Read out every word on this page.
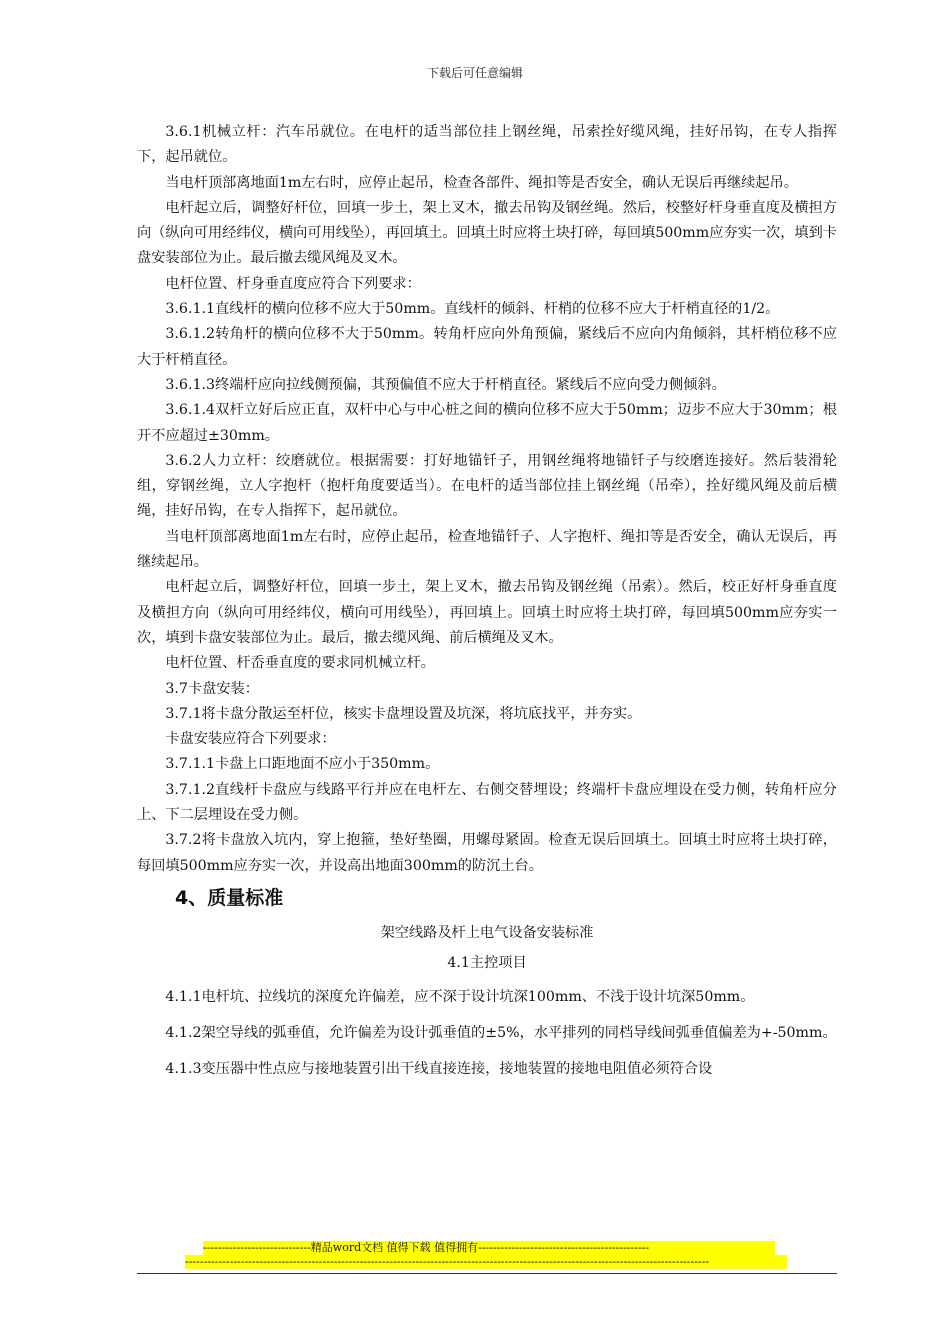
下载后可任意编辑

3.6.1机械立杆：汽车吊就位。在电杆的适当部位挂上钢丝绳，吊索拴好缆风绳，挂好吊钩，在专人指挥下，起吊就位。

当电杆顶部离地面1m左右时，应停止起吊，检查各部件、绳扣等是否安全，确认无误后再继续起吊。

电杆起立后，调整好杆位，回填一步土，架上叉木，撤去吊钩及钢丝绳。然后，校整好杆身垂直度及横担方向（纵向可用经纬仪，横向可用线坠），再回填土。回填土时应将土块打碎，每回填500mm应夯实一次，填到卡盘安装部位为止。最后撤去缆风绳及叉木。

电杆位置、杆身垂直度应符合下列要求：

3.6.1.1直线杆的横向位移不应大于50mm。直线杆的倾斜、杆梢的位移不应大于杆梢直径的1/2。

3.6.1.2转角杆的横向位移不大于50mm。转角杆应向外角预偏，紧线后不应向内角倾斜，其杆梢位移不应大于杆梢直径。

3.6.1.3终端杆应向拉线侧预偏，其预偏值不应大于杆梢直径。紧线后不应向受力侧倾斜。

3.6.1.4双杆立好后应正直，双杆中心与中心桩之间的横向位移不应大于50mm；迈步不应大于30mm；根开不应超过±30mm。

3.6.2人力立杆：绞磨就位。根据需要：打好地锚钎子，用钢丝绳将地锚钎子与绞磨连接好。然后装滑轮组，穿钢丝绳，立人字抱杆（抱杆角度要适当）。在电杆的适当部位挂上钢丝绳（吊牵），拴好缆风绳及前后横绳，挂好吊钩，在专人指挥下，起吊就位。

当电杆顶部离地面1m左右时，应停止起吊，检查地锚钎子、人字抱杆、绳扣等是否安全，确认无误后，再继续起吊。

电杆起立后，调整好杆位，回填一步土，架上叉木，撤去吊钩及钢丝绳（吊索）。然后，校正好杆身垂直度及横担方向（纵向可用经纬仪，横向可用线坠），再回填上。回填土时应将土块打碎，每回填500mm应夯实一次，填到卡盘安装部位为止。最后，撤去缆风绳、前后横绳及叉木。

电杆位置、杆岙垂直度的要求同机械立杆。

3.7卡盘安装：

3.7.1将卡盘分散运至杆位，核实卡盘埋设置及坑深，将坑底找平，并夯实。

卡盘安装应符合下列要求：

3.7.1.1卡盘上口距地面不应小于350mm。

3.7.1.2直线杆卡盘应与线路平行并应在电杆左、右侧交替埋设；终端杆卡盘应埋设在受力侧，转角杆应分上、下二层埋设在受力侧。

3.7.2将卡盘放入坑内，穿上抱箍，垫好垫圈，用螺母紧固。检查无误后回填土。回填土时应将土块打碎，每回填500mm应夯实一次，并设高出地面300mm的防沉土台。

4、质量标准
架空线路及杆上电气设备安装标准
4.1主控项目

4.1.1电杆坑、拉线坑的深度允许偏差，应不深于设计坑深100mm、不浅于设计坑深50mm。

4.1.2架空导线的弧垂值，允许偏差为设计弧垂值的±5%，水平排列的同档导线间弧垂值偏差为+-50mm。

4.1.3变压器中性点应与接地装置引出干线直接连接，接地装置的接地电阻值必须符合设

-----------------------------精品word文档 值得下载 值得拥有----------------------------------------------
---------------------------------------------------------------------------------------------------------------------------------------------
